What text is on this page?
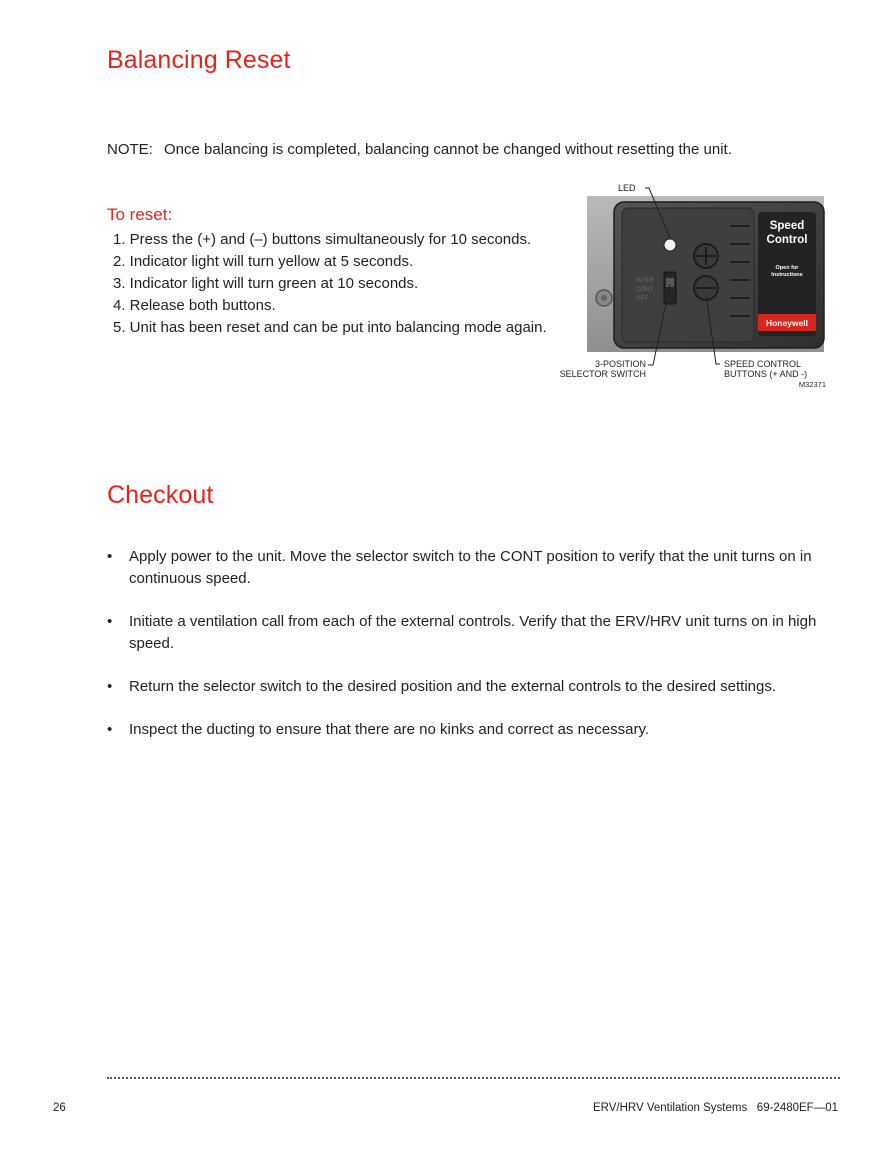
Balancing Reset
NOTE: Once balancing is completed, balancing cannot be changed without resetting the unit.
To reset:
1. Press the (+) and (–) buttons simultaneously for 10 seconds.
2. Indicator light will turn yellow at 5 seconds.
3. Indicator light will turn green at 10 seconds.
4. Release both buttons.
5. Unit has been reset and can be put into balancing mode again.
INTER
CONT
OFF
Speed
Control
Open for
Instructions
Honeywell
LED
3-POSITION
SELECTOR SWITCH
SPEED CONTROL
BUTTONS (+ AND -)
M32371
Checkout
• Apply power to the unit. Move the selector switch to the CONT position to verify that the unit turns on in continuous speed.
• Initiate a ventilation call from each of the external controls. Verify that the ERV/HRV unit turns on in high speed.
• Return the selector switch to the desired position and the external controls to the desired settings.
• Inspect the ducting to ensure that there are no kinks and correct as necessary.
26	ERV/HRV Ventilation Systems 69-2480EF—01
